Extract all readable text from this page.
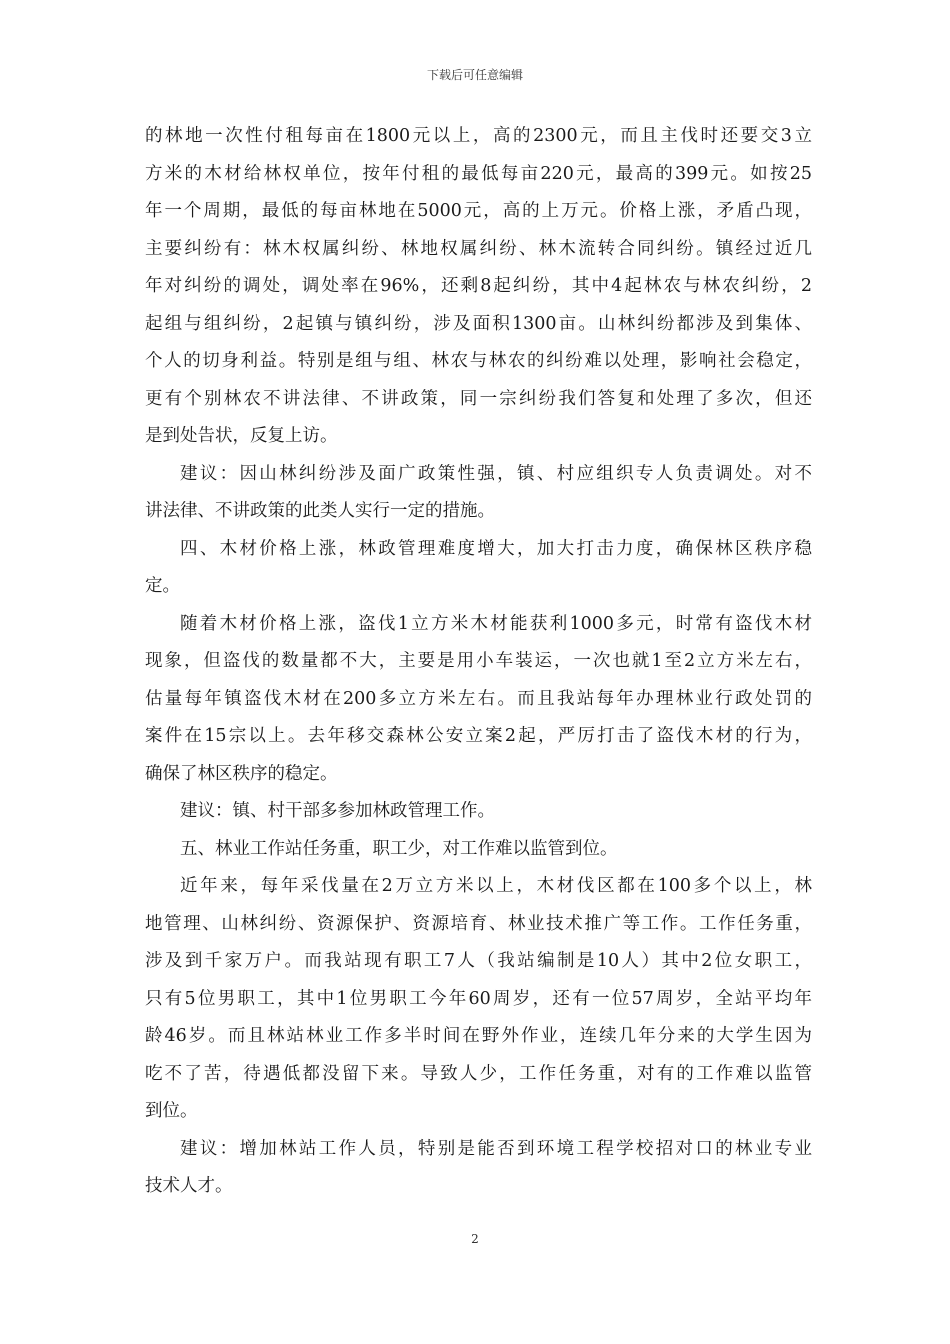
下载后可任意编辑
的林地一次性付租每亩在1800元以上，高的2300元，而且主伐时还要交3立
方米的木材给林权单位，按年付租的最低每亩220元，最高的399元。如按25
年一个周期，最低的每亩林地在5000元，高的上万元。价格上涨，矛盾凸现，
主要纠纷有：林木权属纠纷、林地权属纠纷、林木流转合同纠纷。镇经过近几
年对纠纷的调处，调处率在96%，还剩8起纠纷，其中4起林农与林农纠纷，2
起组与组纠纷，2起镇与镇纠纷，涉及面积1300亩。山林纠纷都涉及到集体、
个人的切身利益。特别是组与组、林农与林农的纠纷难以处理，影响社会稳定，
更有个别林农不讲法律、不讲政策，同一宗纠纷我们答复和处理了多次，但还
是到处告状，反复上访。
建议：因山林纠纷涉及面广政策性强，镇、村应组织专人负责调处。对不
讲法律、不讲政策的此类人实行一定的措施。
四、木材价格上涨，林政管理难度增大，加大打击力度，确保林区秩序稳
定。
随着木材价格上涨，盗伐1立方米木材能获利1000多元，时常有盗伐木材
现象，但盗伐的数量都不大，主要是用小车装运，一次也就1至2立方米左右，
估量每年镇盗伐木材在200多立方米左右。而且我站每年办理林业行政处罚的
案件在15宗以上。去年移交森林公安立案2起，严厉打击了盗伐木材的行为，
确保了林区秩序的稳定。
建议：镇、村干部多参加林政管理工作。
五、林业工作站任务重，职工少，对工作难以监管到位。
近年来，每年采伐量在2万立方米以上，木材伐区都在100多个以上，林
地管理、山林纠纷、资源保护、资源培育、林业技术推广等工作。工作任务重，
涉及到千家万户。而我站现有职工7人（我站编制是10人）其中2位女职工，
只有5位男职工，其中1位男职工今年60周岁，还有一位57周岁，全站平均年
龄46岁。而且林站林业工作多半时间在野外作业，连续几年分来的大学生因为
吃不了苦，待遇低都没留下来。导致人少，工作任务重，对有的工作难以监管
到位。
建议：增加林站工作人员，特别是能否到环境工程学校招对口的林业专业
技术人才。
2
